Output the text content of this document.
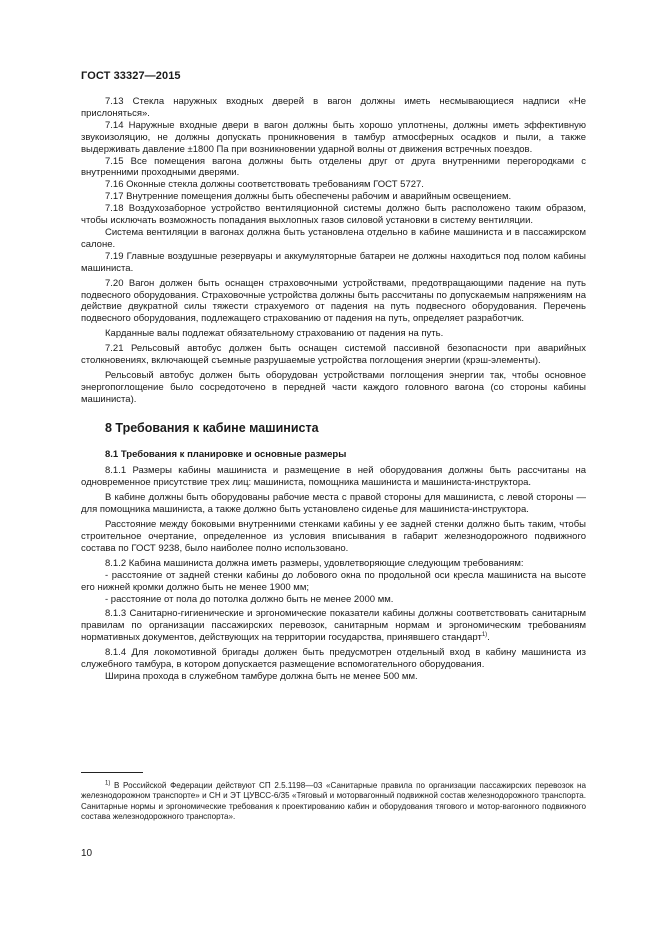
ГОСТ 33327—2015

7.13 Стекла наружных входных дверей в вагон должны иметь несмывающиеся надписи «Не прислоняться».

7.14 Наружные входные двери в вагон должны быть хорошо уплотнены, должны иметь эффективную звукоизоляцию, не должны допускать проникновения в тамбур атмосферных осадков и пыли, а также выдерживать давление ±1800 Па при возникновении ударной волны от движения встречных поездов.

7.15 Все помещения вагона должны быть отделены друг от друга внутренними перегородками с внутренними проходными дверями.

7.16 Оконные стекла должны соответствовать требованиям ГОСТ 5727.

7.17 Внутренние помещения должны быть обеспечены рабочим и аварийным освещением.

7.18 Воздухозаборное устройство вентиляционной системы должно быть расположено таким образом, чтобы исключать возможность попадания выхлопных газов силовой установки в систему вентиляции.

Система вентиляции в вагонах должна быть установлена отдельно в кабине машиниста и в пассажирском салоне.

7.19 Главные воздушные резервуары и аккумуляторные батареи не должны находиться под полом кабины машиниста.

7.20 Вагон должен быть оснащен страховочными устройствами, предотвращающими падение на путь подвесного оборудования. Страховочные устройства должны быть рассчитаны по допускаемым напряжениям на действие двукратной силы тяжести страхуемого от падения на путь подвесного оборудования. Перечень подвесного оборудования, подлежащего страхованию от падения на путь, определяет разработчик.

Карданные валы подлежат обязательному страхованию от падения на путь.

7.21 Рельсовый автобус должен быть оснащен системой пассивной безопасности при аварийных столкновениях, включающей съемные разрушаемые устройства поглощения энергии (крэш-элементы).

Рельсовый автобус должен быть оборудован устройствами поглощения энергии так, чтобы основное энергопоглощение было сосредоточено в передней части каждого головного вагона (со стороны кабины машиниста).

8 Требования к кабине машиниста

8.1 Требования к планировке и основные размеры

8.1.1 Размеры кабины машиниста и размещение в ней оборудования должны быть рассчитаны на одновременное присутствие трех лиц: машиниста, помощника машиниста и машиниста-инструктора.

В кабине должны быть оборудованы рабочие места с правой стороны для машиниста, с левой стороны — для помощника машиниста, а также должно быть установлено сиденье для машиниста-инструктора.

Расстояние между боковыми внутренними стенками кабины у ее задней стенки должно быть таким, чтобы строительное очертание, определенное из условия вписывания в габарит железнодорожного подвижного состава по ГОСТ 9238, было наиболее полно использовано.

8.1.2 Кабина машиниста должна иметь размеры, удовлетворяющие следующим требованиям:

- расстояние от задней стенки кабины до лобового окна по продольной оси кресла машиниста на высоте его нижней кромки должно быть не менее 1900 мм;

- расстояние от пола до потолка должно быть не менее 2000 мм.

8.1.3 Санитарно-гигиенические и эргономические показатели кабины должны соответствовать санитарным правилам по организации пассажирских перевозок, санитарным нормам и эргономическим требованиям нормативных документов, действующих на территории государства, принявшего стандарт$^{1)}$.

8.1.4 Для локомотивной бригады должен быть предусмотрен отдельный вход в кабину машиниста из служебного тамбура, в котором допускается размещение вспомогательного оборудования.

Ширина прохода в служебном тамбуре должна быть не менее 500 мм.

$^{1)}$ В Российской Федерации действуют СП 2.5.1198—03 «Санитарные правила по организации пассажирских перевозок на железнодорожном транспорте» и СН и ЭТ ЦУВСС-6/35 «Тяговый и моторвагонный подвижной состав железнодорожного транспорта. Санитарные нормы и эргономические требования к проектированию кабин и оборудования тягового и мотор-вагонного подвижного состава железнодорожного транспорта».
10
